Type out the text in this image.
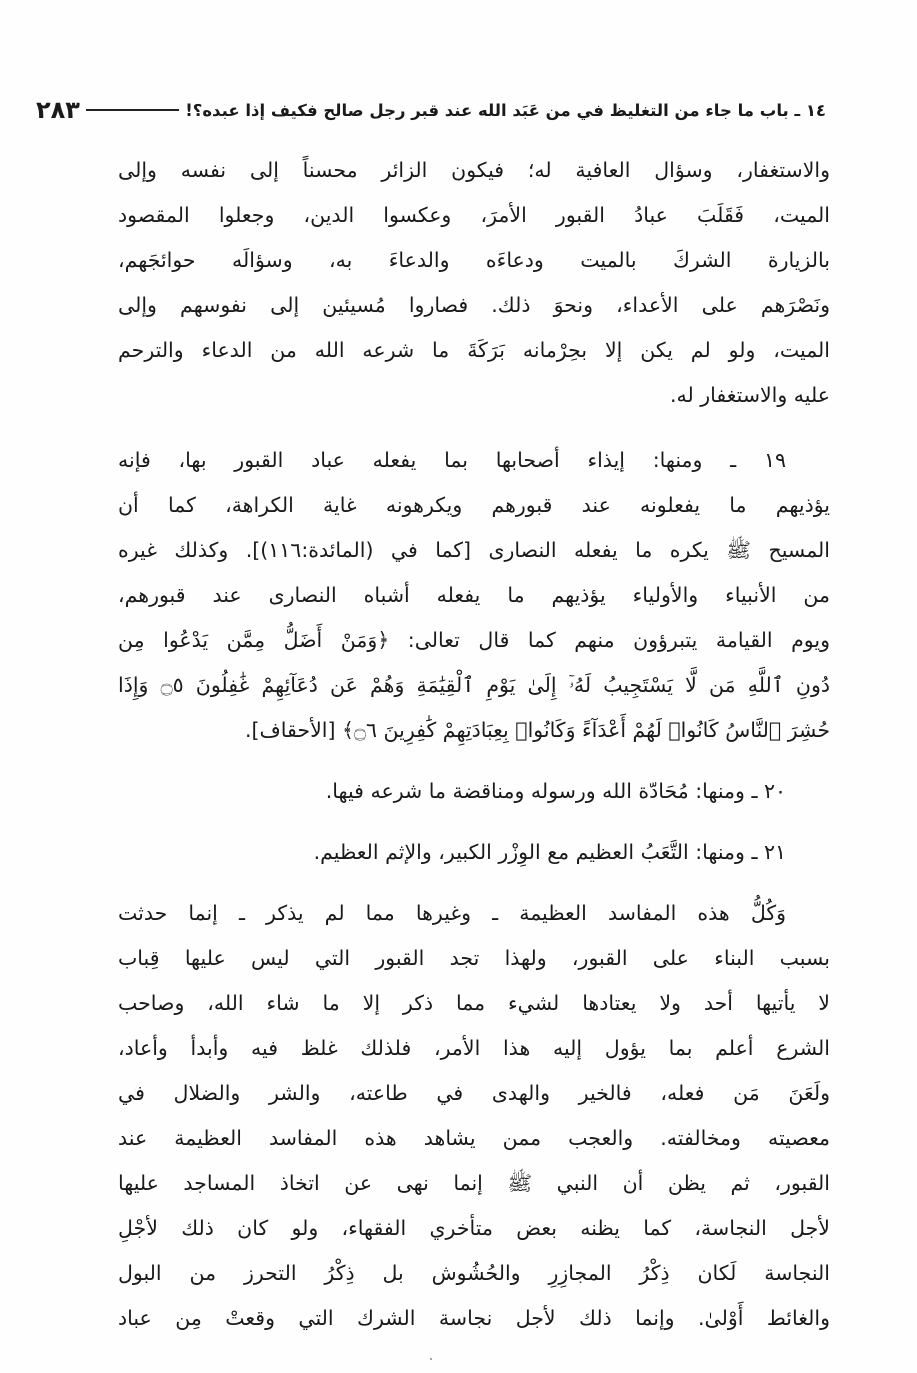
١٤ ـ باب ما جاء من التغليظ في من عَبَد الله عند قبر رجل صالح فكيف إذا عبده؟!
٢٨٣
والاستغفار، وسؤال العافية له؛ فيكون الزائر محسناً إلى نفسه وإلى
الميت، فَقَلَبَ عبادُ القبور الأمرَ، وعكسوا الدين، وجعلوا المقصود
بالزيارة الشركَ بالميت ودعاءَه والدعاءَ به، وسؤالَه حوائجَهم،
ونَصْرَهم على الأعداء، ونحوَ ذلك. فصاروا مُسيئين إلى نفوسهم وإلى
الميت، ولو لم يكن إلا بحِرْمانه بَرَكَةَ ما شرعه الله من الدعاء والترحم
عليه والاستغفار له.
١٩ ـ ومنها: إيذاء أصحابها بما يفعله عباد القبور بها، فإنه
يؤذيهم ما يفعلونه عند قبورهم ويكرهونه غاية الكراهة، كما أن
المسيح ﷺ يكره ما يفعله النصارى [كما في (المائدة:١١٦)]. وكذلك غيره
من الأنبياء والأولياء يؤذيهم ما يفعله أشباه النصارى عند قبورهم،
ويوم القيامة يتبرؤون منهم كما قال تعالى: ﴿وَمَنْ أَضَلُّ مِمَّن يَدْعُوا مِن
دُونِ ٱللَّهِ مَن لَّا يَسْتَجِيبُ لَهُۥٓ إِلَىٰ يَوْمِ ٱلْقِيَٰمَةِ وَهُمْ عَن دُعَآئِهِمْ غَٰفِلُونَ ۝٥ وَإِذَا
حُشِرَ ٱلنَّاسُ كَانُوا۟ لَهُمْ أَعْدَآءً وَكَانُوا۟ بِعِبَادَتِهِمْ كَٰفِرِينَ ۝٦﴾ [الأحقاف].
٢٠ ـ ومنها: مُحَادّة الله ورسوله ومناقضة ما شرعه فيها.
٢١ ـ ومنها: التَّعَبُ العظيم مع الوِزْر الكبير، والإثم العظيم.
وَكُلُّ هذه المفاسد العظيمة ـ وغيرها مما لم يذكر ـ إنما حدثت
بسبب البناء على القبور، ولهذا تجد القبور التي ليس عليها قِباب
لا يأتيها أحد ولا يعتادها لشيء مما ذكر إلا ما شاء الله، وصاحب
الشرع أعلم بما يؤول إليه هذا الأمر، فلذلك غلظ فيه وأبدأ وأعاد،
ولَعَنَ مَن فعله، فالخير والهدى في طاعته، والشر والضلال في
معصيته ومخالفته. والعجب ممن يشاهد هذه المفاسد العظيمة عند
القبور، ثم يظن أن النبي ﷺ إنما نهى عن اتخاذ المساجد عليها
لأجل النجاسة، كما يظنه بعض متأخري الفقهاء، ولو كان ذلك لأجْلِ
النجاسة لَكان ذِكْرُ المجازِرِ والحُشُوش بل ذِكْرُ التحرز من البول
والغائط أَوْلىٰ. وإنما ذلك لأجل نجاسة الشرك التي وقعتْ مِن عباد
